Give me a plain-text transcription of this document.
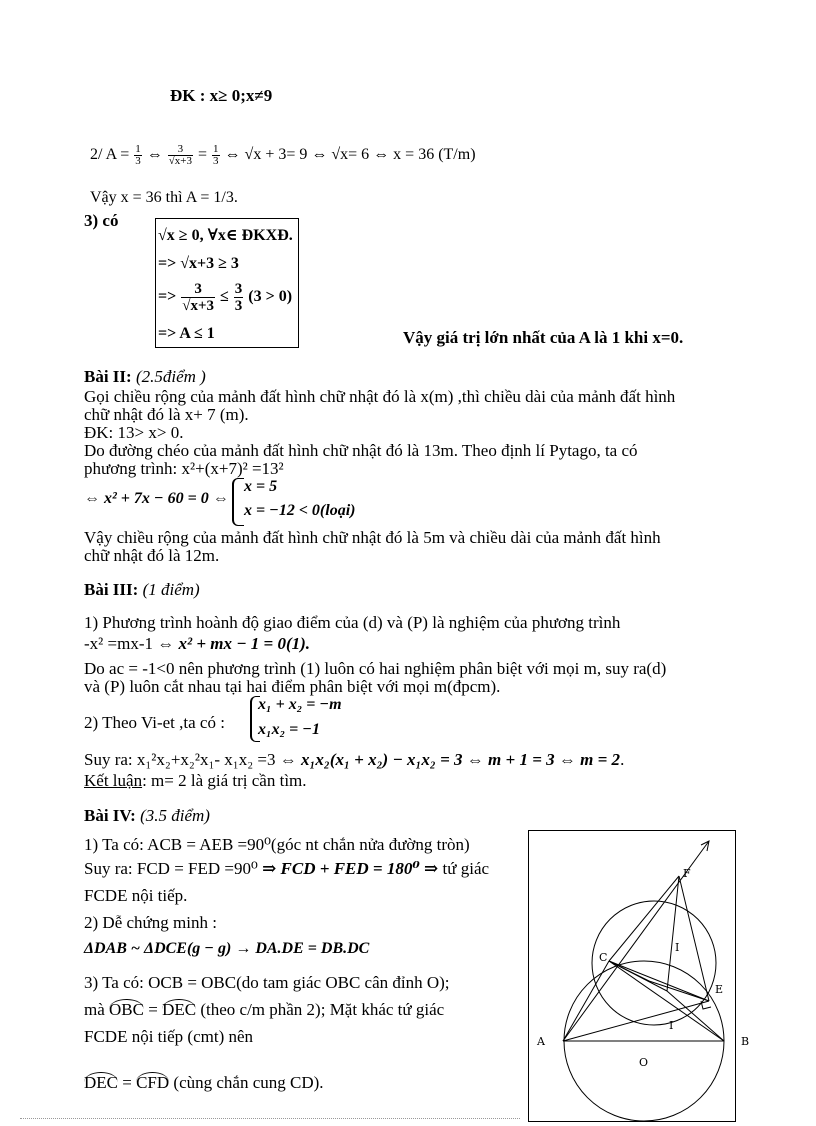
ĐK : x≥ 0;x≠9
2/ $A = \frac{1}{3}$ ⇔ $\frac{3}{√x+3} = \frac{1}{3}$ ⇔ √x + 3= 9 ⇔ √x= 6 ⇔ x = 36 (T/m)
Vậy x = 36 thì A = 1/3.
3) có
√x ≥ 0, ∀x∈ ĐKXĐ.
=> √x+3 ≥ 3
=> $\frac{3}{√x+3} \le \frac{3}{3} (3 > 0)$
=> A ≤ 1	Vậy giá trị lớn nhất của A là 1 khi x=0.
Bài II: (2.5điểm )
Gọi chiều rộng của mảnh đất hình chữ nhật đó là x(m) ,thì chiều dài của mảnh đất hình
chữ nhật đó là x+ 7 (m).
ĐK: 13> x> 0.
Do đường chéo của mảnh đất hình chữ nhật đó là 13m. Theo định lí Pytago, ta có
phương trình: x²+(x+7)² =13²
⇔ x² + 7x − 60 = 0 ⇔
x = 5
x = −12 < 0(loại)
Vậy chiều rộng của mảnh đất hình chữ nhật đó là 5m và chiều dài của mảnh đất hình
chữ nhật đó là 12m.
Bài III: (1 điểm)
1) Phương trình hoành độ giao điểm của (d) và (P) là nghiệm của phương trình
-x² =mx-1 ⇔ x² + mx − 1 = 0(1).
Do ac = -1<0 nên phương trình (1) luôn có hai nghiệm phân biệt với mọi m, suy ra(d)
và (P) luôn cắt nhau tại hai điểm phân biệt với mọi m(đpcm).
2) Theo Vi-et ,ta có :
x₁ + x₂ = −m
x₁x₂ = −1
Suy ra: x₁²x₂+x₂²x₁- x₁x₂ =3 ⇔ x₁x₂(x₁ + x₂) − x₁x₂ = 3 ⇔ m + 1 = 3 ⇔ m = 2.
Kết luận: m= 2 là giá trị cần tìm.
Bài IV: (3.5 điểm)
1) Ta có: ACB = AEB =90⁰(góc nt chắn nửa đường tròn)
Suy ra: FCD = FED =90⁰ ⇒ FCD + FED = 180⁰ ⇒ tứ giác
FCDE nội tiếp.
2) Dễ chứng minh :
ΔDAB ~ ΔDCE(g − g) → DA.DE = DB.DC
3) Ta có: OCB = OBC(do tam giác OBC cân đỉnh O);
mà OBC = DEC (theo c/m phần 2); Mặt khác tứ giác
FCDE nội tiếp (cmt) nên
DEC = CFD (cùng chắn cung CD).
F
I
C
E
I
A	B
O
